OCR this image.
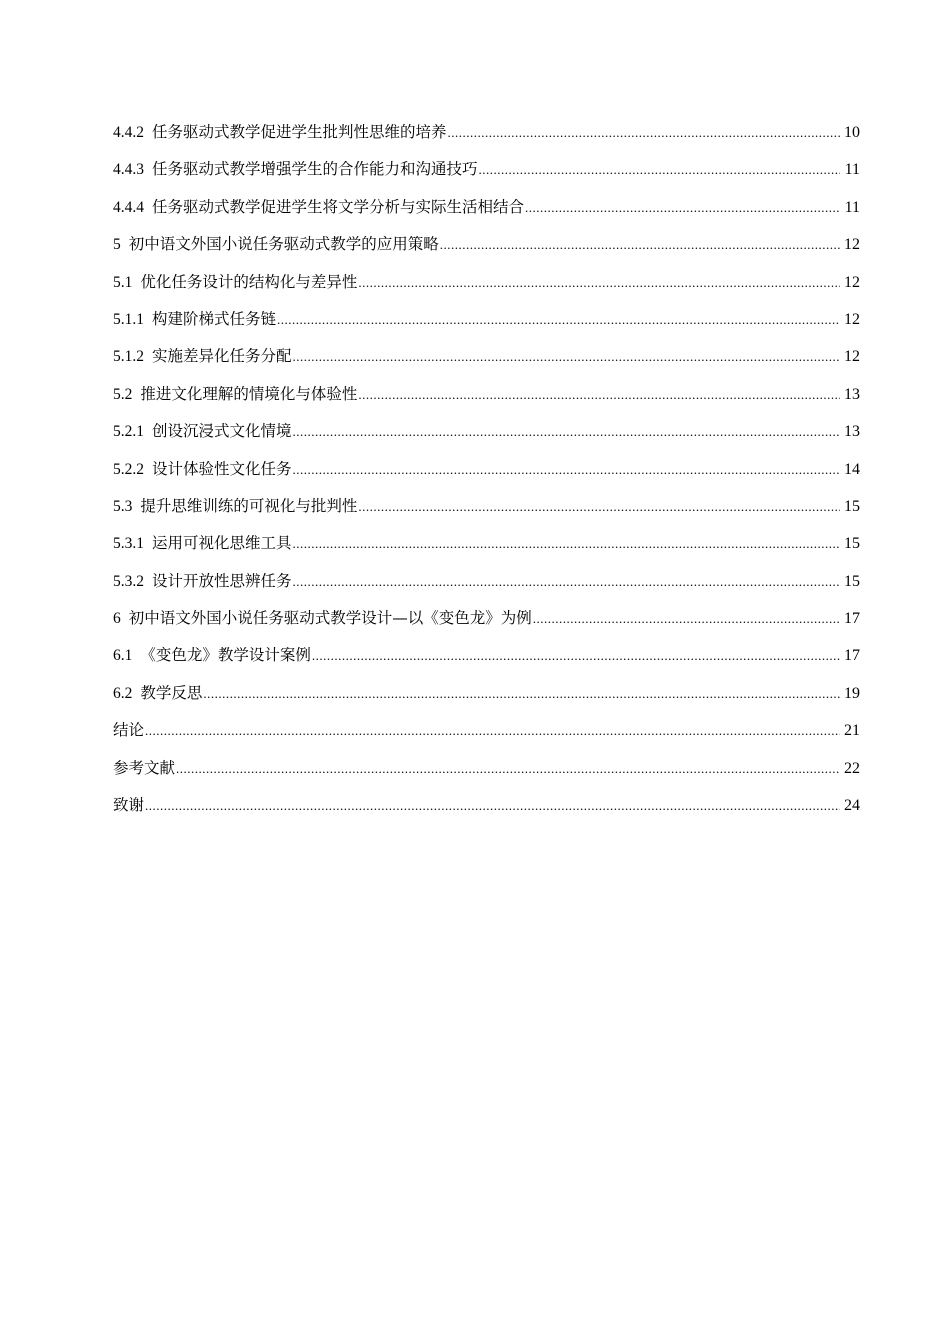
4.4.2 任务驱动式教学促进学生批判性思维的培养 .....	10
4.4.3 任务驱动式教学增强学生的合作能力和沟通技巧 .....	11
4.4.4 任务驱动式教学促进学生将文学分析与实际生活相结合 .....	11
5 初中语文外国小说任务驱动式教学的应用策略 .....	12
5.1 优化任务设计的结构化与差异性 .....	12
5.1.1 构建阶梯式任务链 .....	12
5.1.2 实施差异化任务分配 .....	12
5.2 推进文化理解的情境化与体验性 .....	13
5.2.1 创设沉浸式文化情境 .....	13
5.2.2 设计体验性文化任务 .....	14
5.3 提升思维训练的可视化与批判性 .....	15
5.3.1 运用可视化思维工具 .....	15
5.3.2 设计开放性思辨任务 .....	15
6 初中语文外国小说任务驱动式教学设计—以《变色龙》为例 .....	17
6.1 《变色龙》教学设计案例 .....	17
6.2 教学反思 .....	19
结论 .....	21
参考文献 .....	22
致谢 .....	24
